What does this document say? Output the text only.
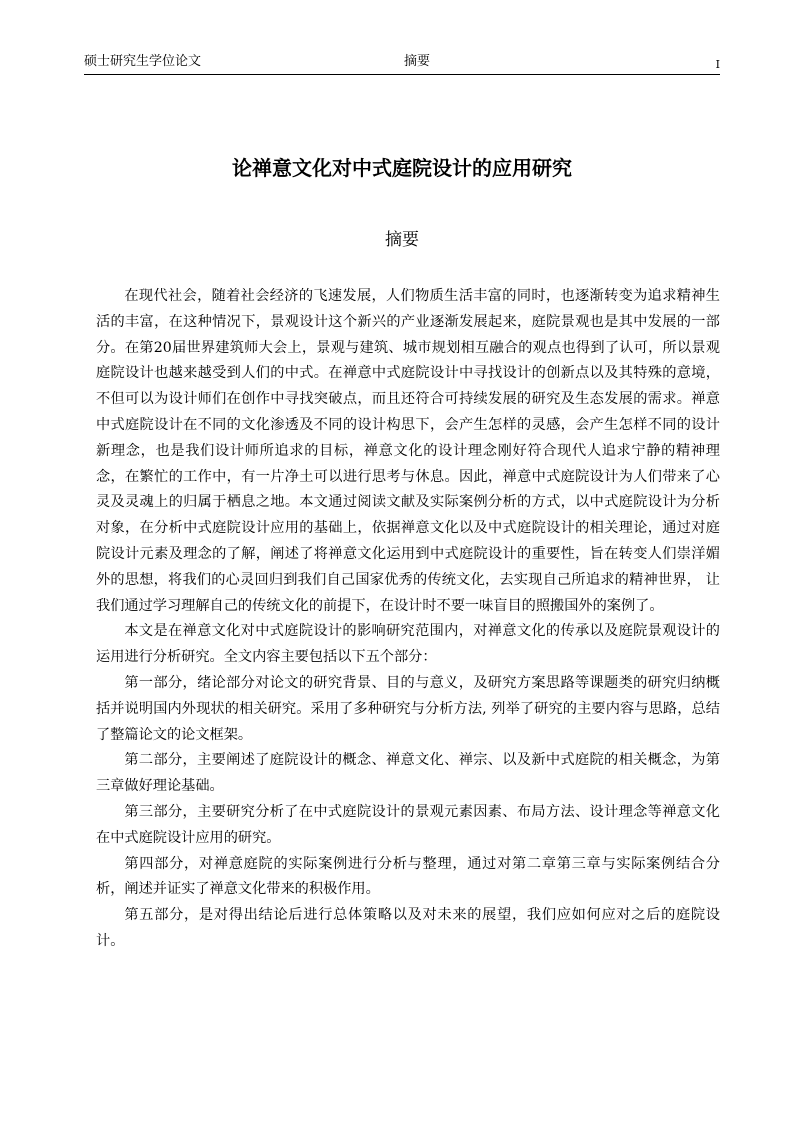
硕士研究生学位论文	摘要	I
论禅意文化对中式庭院设计的应用研究
摘要

在现代社会，随着社会经济的飞速发展，人们物质生活丰富的同时，也逐渐转变为追求精神生活的丰富，在这种情况下，景观设计这个新兴的产业逐渐发展起来，庭院景观也是其中发展的一部分。在第20届世界建筑师大会上，景观与建筑、城市规划相互融合的观点也得到了认可，所以景观庭院设计也越来越受到人们的中式。在禅意中式庭院设计中寻找设计的创新点以及其特殊的意境，不但可以为设计师们在创作中寻找突破点，而且还符合可持续发展的研究及生态发展的需求。禅意中式庭院设计在不同的文化渗透及不同的设计构思下，会产生怎样的灵感，会产生怎样不同的设计新理念，也是我们设计师所追求的目标，禅意文化的设计理念刚好符合现代人追求宁静的精神理念，在繁忙的工作中，有一片净土可以进行思考与休息。因此，禅意中式庭院设计为人们带来了心灵及灵魂上的归属于栖息之地。本文通过阅读文献及实际案例分析的方式，以中式庭院设计为分析对象，在分析中式庭院设计应用的基础上，依据禅意文化以及中式庭院设计的相关理论，通过对庭院设计元素及理念的了解，阐述了将禅意文化运用到中式庭院设计的重要性，旨在转变人们崇洋媚外的思想，将我们的心灵回归到我们自己国家优秀的传统文化，去实现自己所追求的精神世界， 让我们通过学习理解自己的传统文化的前提下，在设计时不要一味盲目的照搬国外的案例了。

本文是在禅意文化对中式庭院设计的影响研究范围内，对禅意文化的传承以及庭院景观设计的运用进行分析研究。全文内容主要包括以下五个部分：

第一部分，绪论部分对论文的研究背景、目的与意义，及研究方案思路等课题类的研究归纳概括并说明国内外现状的相关研究。采用了多种研究与分析方法, 列举了研究的主要内容与思路，总结了整篇论文的论文框架。

第二部分，主要阐述了庭院设计的概念、禅意文化、禅宗、以及新中式庭院的相关概念，为第三章做好理论基础。

第三部分，主要研究分析了在中式庭院设计的景观元素因素、布局方法、设计理念等禅意文化在中式庭院设计应用的研究。

第四部分，对禅意庭院的实际案例进行分析与整理，通过对第二章第三章与实际案例结合分析，阐述并证实了禅意文化带来的积极作用。

第五部分，是对得出结论后进行总体策略以及对未来的展望，我们应如何应对之后的庭院设计。
